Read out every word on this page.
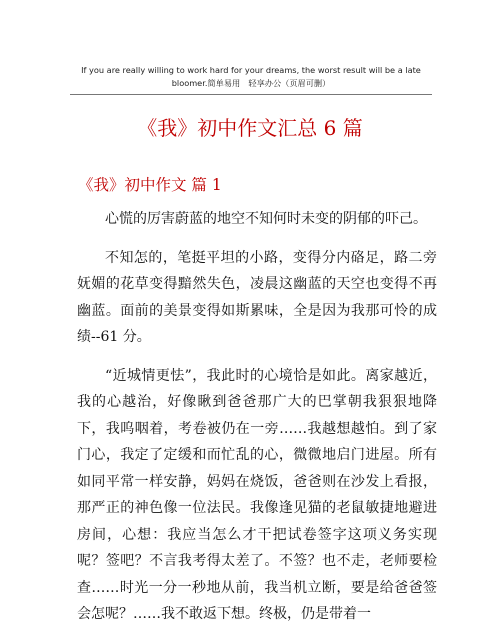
If you are really willing to work hard for your dreams, the worst result will be a late bloomer.简单易用　轻享办公（页眉可删）
《我》初中作文汇总 6 篇
《我》初中作文 篇 1

心慌的厉害蔚蓝的地空不知何时未变的阴郁的吓己。

不知怎的，笔挺平坦的小路，变得分内硌足，路二旁妩媚的花草变得黯然失色，凌晨这幽蓝的天空也变得不再幽蓝。面前的美景变得如斯累味，全是因为我那可怜的成绩--61 分。

“近城情更怯”，我此时的心境恰是如此。离家越近，我的心越治，好像瞅到爸爸那广大的巴掌朝我狠狠地降下，我呜咽着，考卷被仍在一旁……我越想越怕。到了家门心，我定了定缓和而忙乱的心，微微地启门进屋。所有如同平常一样安静，妈妈在烧饭，爸爸则在沙发上看报，那严正的神色像一位法民。我像逢见猫的老鼠敏捷地避进房间，心想：我应当怎么才干把试卷签字这项义务实现呢？签吧？不言我考得太差了。不签？也不走，老师要检查……时光一分一秒地从前，我当机立断，要是给爸爸签会怎呢？……我不敢返下想。终极，仍是带着一
